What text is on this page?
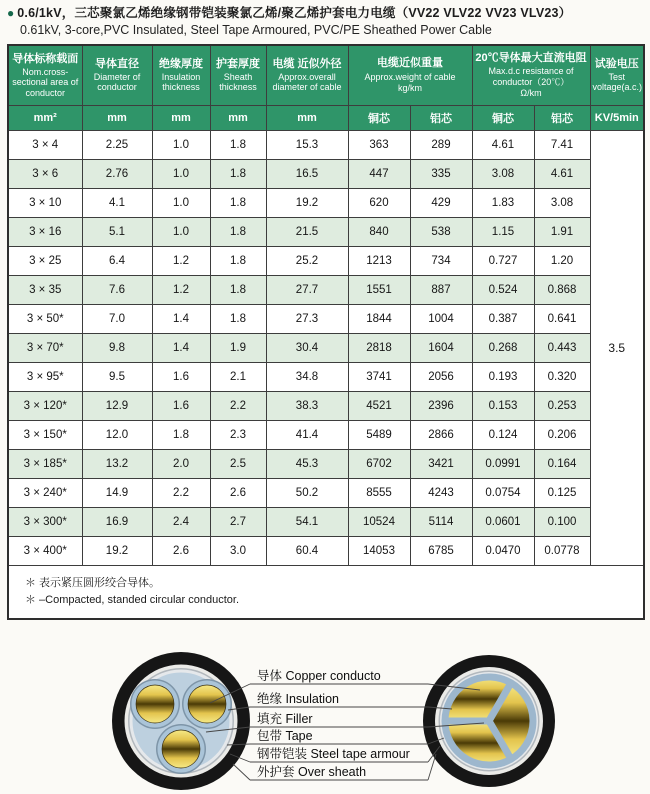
● 0.6/1kV，三芯聚氯乙烯绝缘钢带铠装聚氯乙烯/聚乙烯护套电力电缆（VV22 VLV22 VV23 VLV23）
0.61kV, 3-core,PVC Insulated, Steel Tape Armoured, PVC/PE Sheathed Power Cable
导体标称载面
Nom.cross- sectional area of conductor

导体直径
Diameter of conductor

绝缘厚度
Insulation thickness

护套厚度
Sheath thickness

电缆 近似外径
Approx.overall diameter of cable

电缆近似重量
Approx.weight of cable
kg/km

20℃导体最大直流电阻
Max.d.c resistance of conductor（20℃）
Ω/km

试验电压
Test voltage(a.c.)

mm²	mm	mm	mm	mm	铜芯	铝芯	铜芯	铝芯	KV/5min
3 × 4	2.25	1.0	1.8	15.3	363	289	4.61	7.41	3.5
3 × 6	2.76	1.0	1.8	16.5	447	335	3.08	4.61	
3 × 10	4.1	1.0	1.8	19.2	620	429	1.83	3.08	
3 × 16	5.1	1.0	1.8	21.5	840	538	1.15	1.91	
3 × 25	6.4	1.2	1.8	25.2	1213	734	0.727	1.20	
3 × 35	7.6	1.2	1.8	27.7	1551	887	0.524	0.868	
3 × 50*	7.0	1.4	1.8	27.3	1844	1004	0.387	0.641	
3 × 70*	9.8	1.4	1.9	30.4	2818	1604	0.268	0.443	
3 × 95*	9.5	1.6	2.1	34.8	3741	2056	0.193	0.320	
3 × 120*	12.9	1.6	2.2	38.3	4521	2396	0.153	0.253	
3 × 150*	12.0	1.8	2.3	41.4	5489	2866	0.124	0.206	
3 × 185*	13.2	2.0	2.5	45.3	6702	3421	0.0991	0.164	
3 × 240*	14.9	2.2	2.6	50.2	8555	4243	0.0754	0.125	
3 × 300*	16.9	2.4	2.7	54.1	10524	5114	0.0601	0.100	
3 × 400*	19.2	2.6	3.0	60.4	14053	6785	0.0470	0.0778	

＊ 表示紧压圆形绞合导体。
＊ –Compacted, standed circular conductor.									
导体 Copper conducto
绝缘 Insulation
填充 Filler
包带 Tape
钢带铠装 Steel tape armour
外护套 Over sheath
